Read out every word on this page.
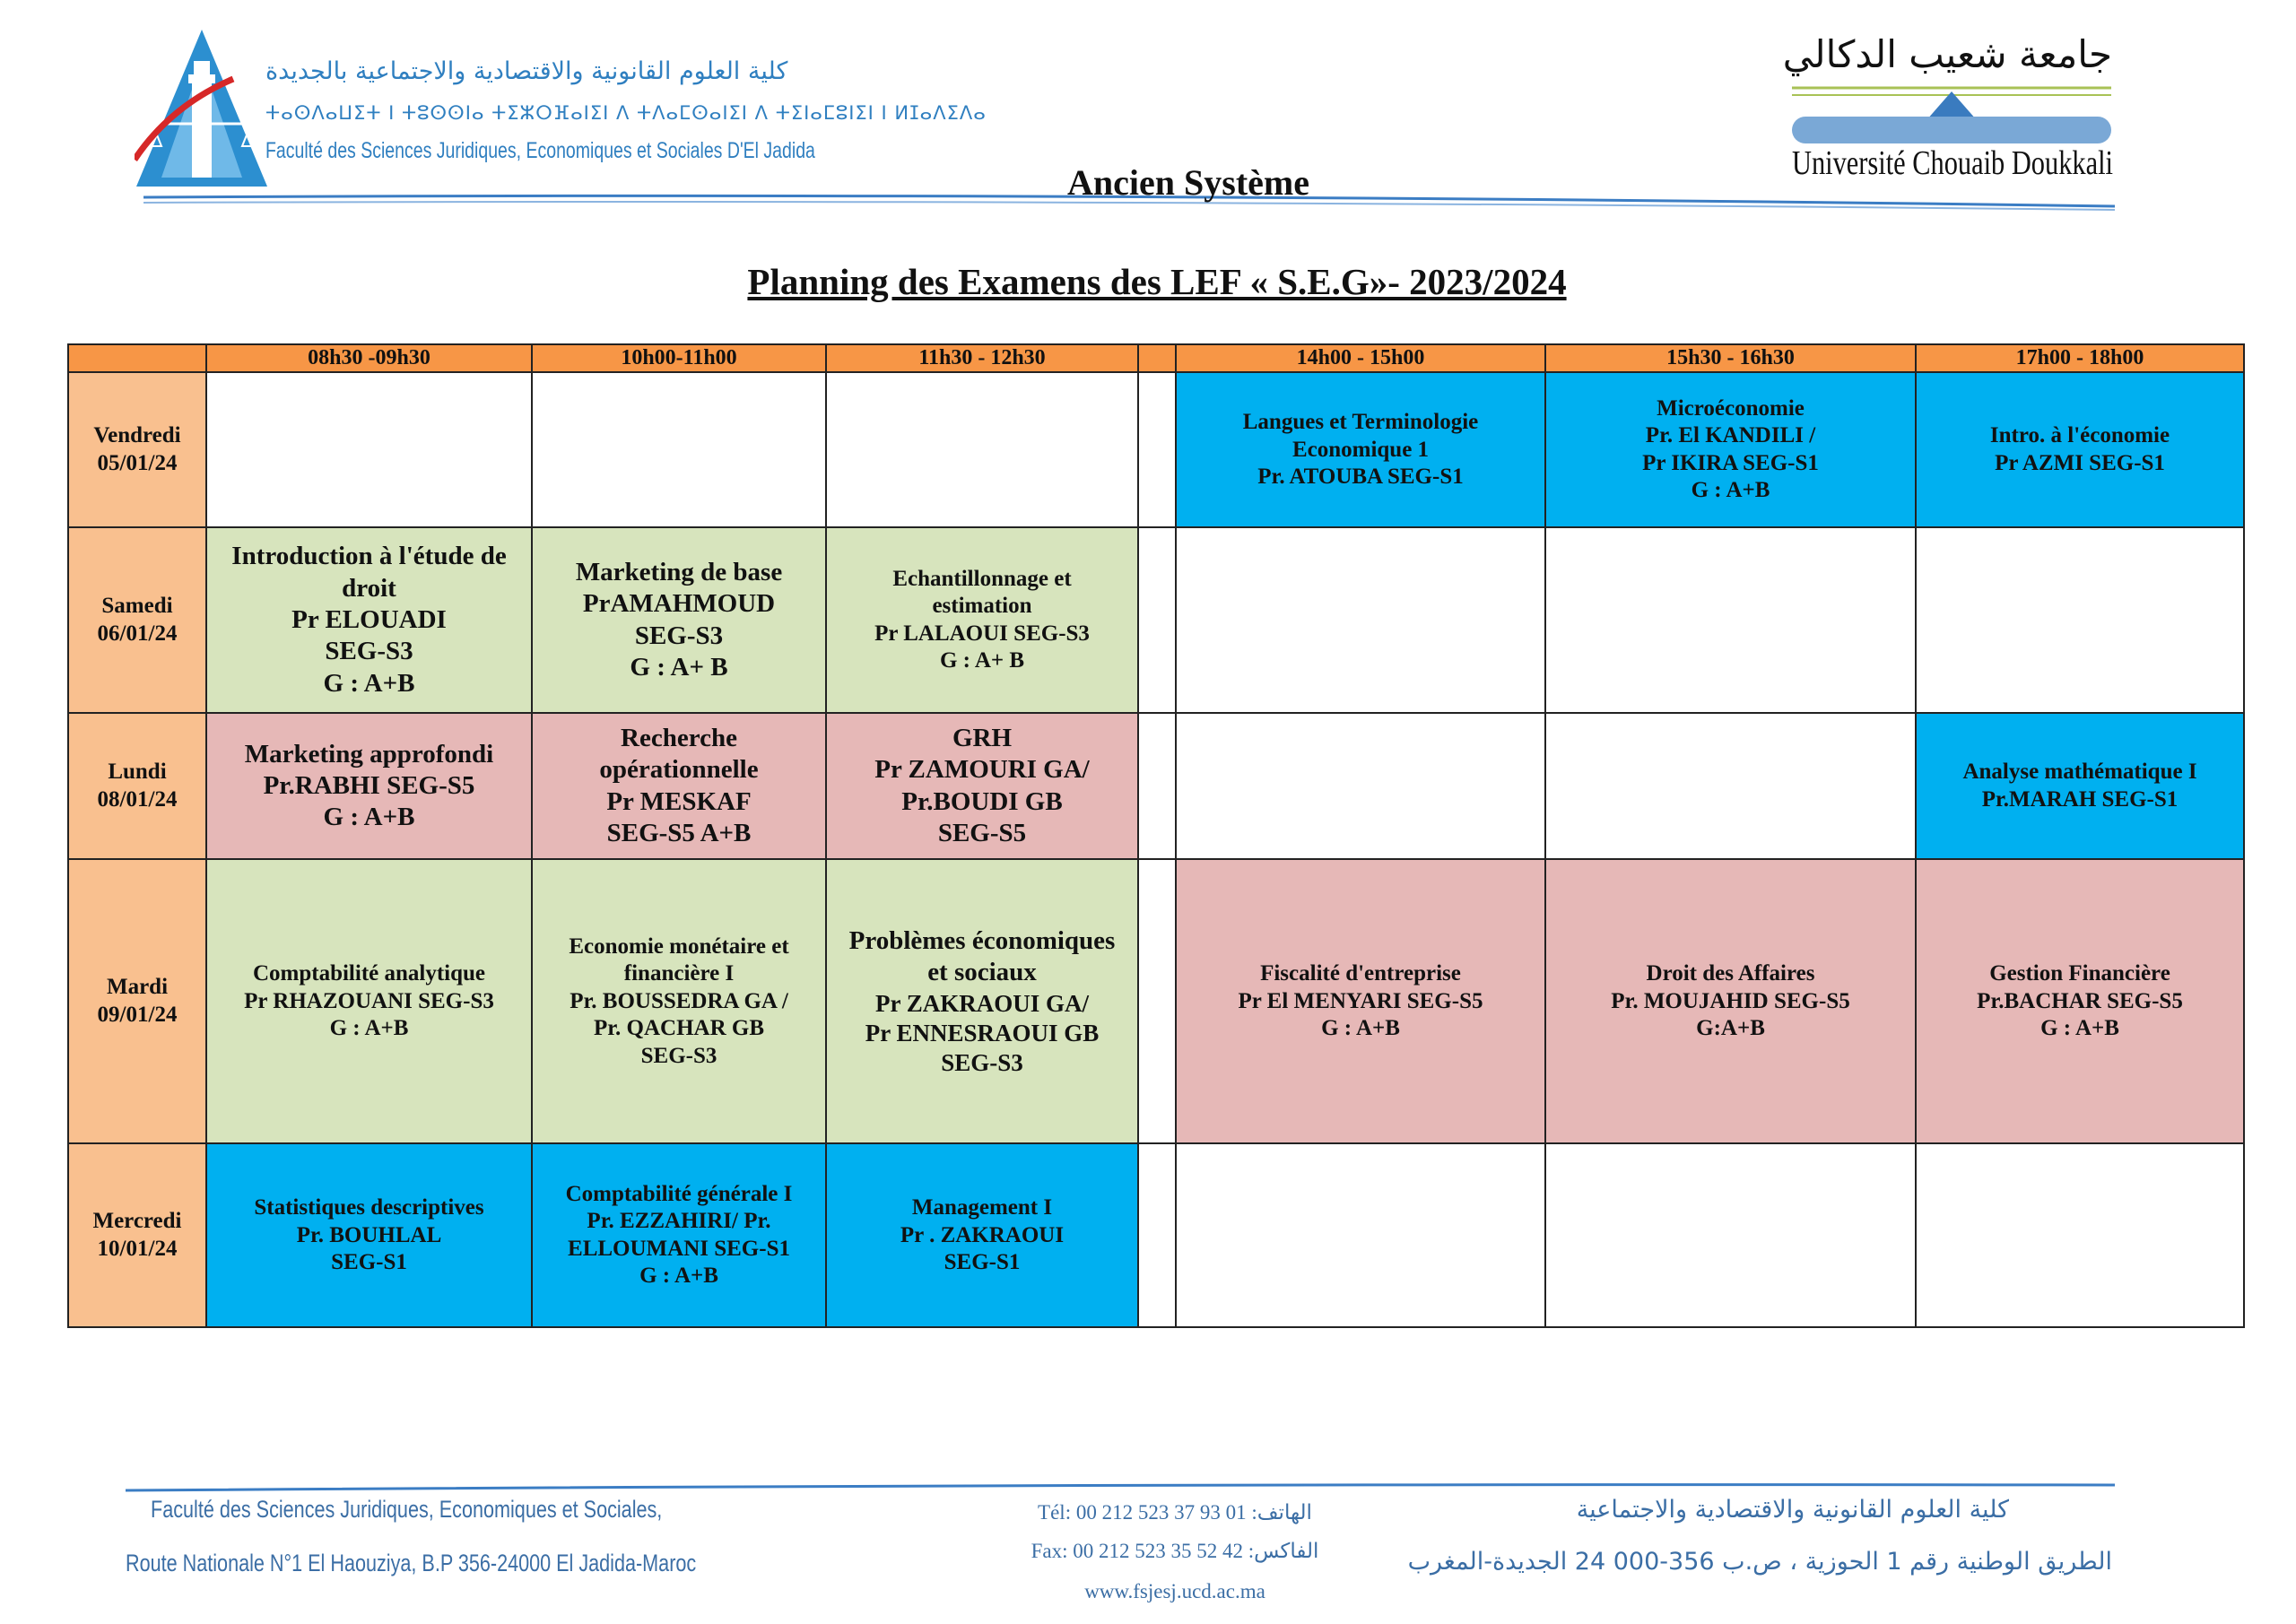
كلية العلوم القانونية والاقتصادية والاجتماعية بالجديدة
ⵜⴰⵙⴷⴰⵡⵉⵜ ⵏ ⵜⵓⵙⵙⵏⴰ ⵜⵉⵣⵔⴼⴰⵏⵉⵏ ⴷ ⵜⴷⴰⵎⵙⴰⵏⵉⵏ ⴷ ⵜⵉⵏⴰⵎⵓⵏⵉⵏ ⵏ ⵍⵊⴰⴷⵉⴷⴰ
Faculté des Sciences Juridiques, Economiques et Sociales D'El Jadida
جامعة شعيب الدكالي
Université Chouaib Doukkali
Ancien Système
Planning des Examens des LEF « S.E.G»- 2023/2024
	08h30 -09h30	10h00-11h00	11h30 - 12h30		14h00 - 15h00	15h30 - 16h30	17h00 - 18h00

Vendredi
05/01/24					Langues et Terminologie
Economique 1
Pr. ATOUBA SEG-S1	Microéconomie
Pr. El KANDILI /
Pr IKIRA SEG-S1
G : A+B	Intro. à l'économie
Pr AZMI SEG-S1

Samedi
06/01/24	Introduction à l'étude de
droit
Pr ELOUADI
SEG-S3
G : A+B	Marketing de base
PrAMAHMOUD
SEG-S3
G : A+ B	Echantillonnage et
estimation
Pr LALAOUI SEG-S3
G : A+ B				

Lundi
08/01/24	Marketing approfondi
Pr.RABHI SEG-S5
G : A+B	Recherche
opérationnelle
Pr MESKAF
SEG-S5 A+B	GRH
Pr ZAMOURI GA/
Pr.BOUDI GB
SEG-S5				Analyse mathématique I
Pr.MARAH SEG-S1

Mardi
09/01/24	Comptabilité analytique
Pr RHAZOUANI SEG-S3
G : A+B	Economie monétaire et
financière I
Pr. BOUSSEDRA GA /
Pr. QACHAR GB
SEG-S3	Problèmes économiques
et sociaux
Pr ZAKRAOUI GA/
Pr ENNESRAOUI GB
SEG-S3		Fiscalité d'entreprise
Pr El MENYARI SEG-S5
G : A+B	Droit des Affaires
Pr. MOUJAHID SEG-S5
G:A+B	Gestion Financière
Pr.BACHAR SEG-S5
G : A+B

Mercredi
10/01/24	Statistiques descriptives
Pr. BOUHLAL
SEG-S1	Comptabilité générale I
Pr. EZZAHIRI/ Pr.
ELLOUMANI SEG-S1
G : A+B	Management I
Pr . ZAKRAOUI
SEG-S1				

Faculté des Sciences Juridiques, Economiques et Sociales,
Route Nationale N°1 El Haouziya, B.P 356-24000 El Jadida-Maroc
Tél: 00 212 523 37 93 01 :الهاتف
Fax: 00 212 523 35 52 42 :الفاكس
www.fsjesj.ucd.ac.ma
كلية العلوم القانونية والاقتصادية والاجتماعية
الطريق الوطنية رقم 1 الحوزية ، ص.ب 356-000 24 الجديدة-المغرب
